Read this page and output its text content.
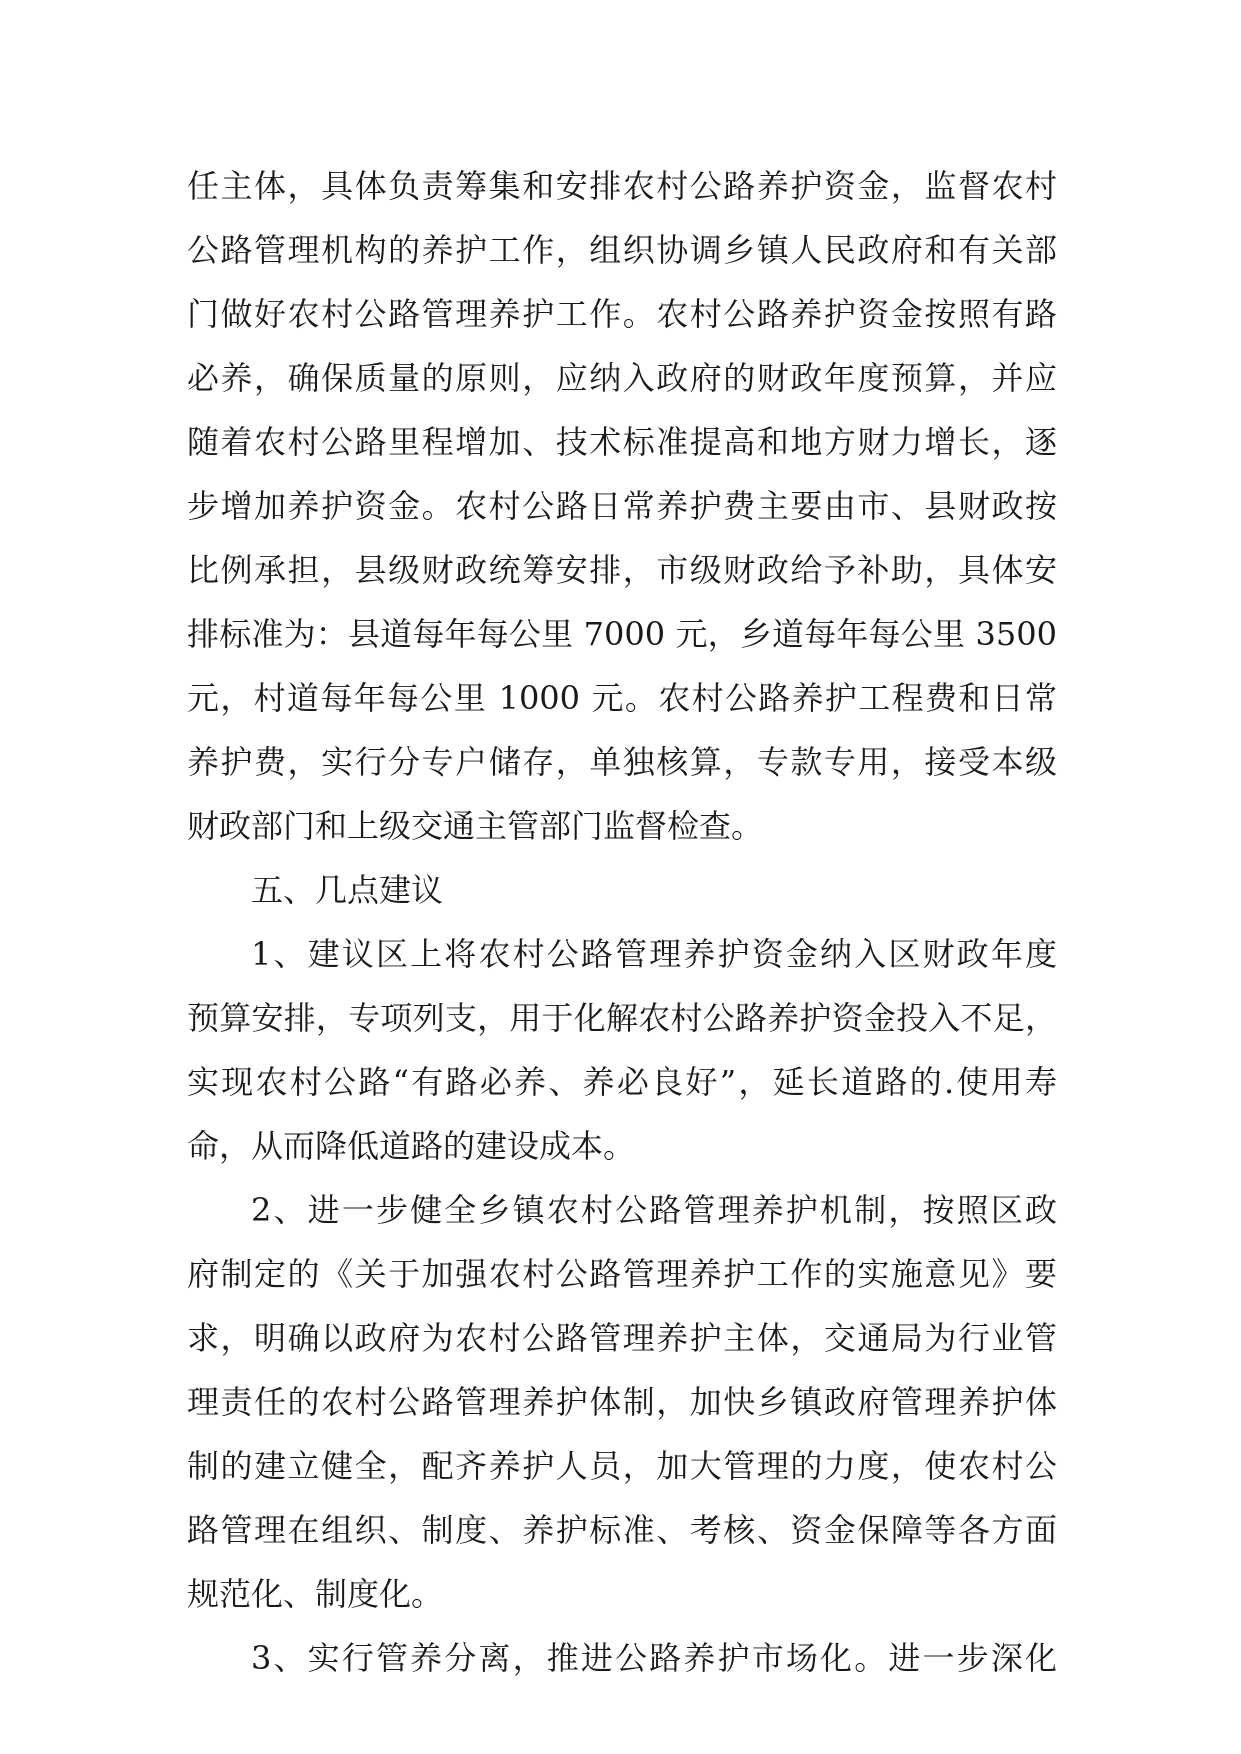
任主体，具体负责筹集和安排农村公路养护资金，监督农村
公路管理机构的养护工作，组织协调乡镇人民政府和有关部
门做好农村公路管理养护工作。农村公路养护资金按照有路
必养，确保质量的原则，应纳入政府的财政年度预算，并应
随着农村公路里程增加、技术标准提高和地方财力增长，逐
步增加养护资金。农村公路日常养护费主要由市、县财政按
比例承担，县级财政统筹安排，市级财政给予补助，具体安
排标准为：县道每年每公里 7000 元，乡道每年每公里 3500
元，村道每年每公里 1000 元。农村公路养护工程费和日常
养护费，实行分专户储存，单独核算，专款专用，接受本级
财政部门和上级交通主管部门监督检查。
五、几点建议
1、建议区上将农村公路管理养护资金纳入区财政年度
预算安排，专项列支，用于化解农村公路养护资金投入不足，
实现农村公路“有路必养、养必良好”，延长道路的.使用寿
命，从而降低道路的建设成本。
2、进一步健全乡镇农村公路管理养护机制，按照区政
府制定的《关于加强农村公路管理养护工作的实施意见》要
求，明确以政府为农村公路管理养护主体，交通局为行业管
理责任的农村公路管理养护体制，加快乡镇政府管理养护体
制的建立健全，配齐养护人员，加大管理的力度，使农村公
路管理在组织、制度、养护标准、考核、资金保障等各方面
规范化、制度化。
3、实行管养分离，推进公路养护市场化。进一步深化
